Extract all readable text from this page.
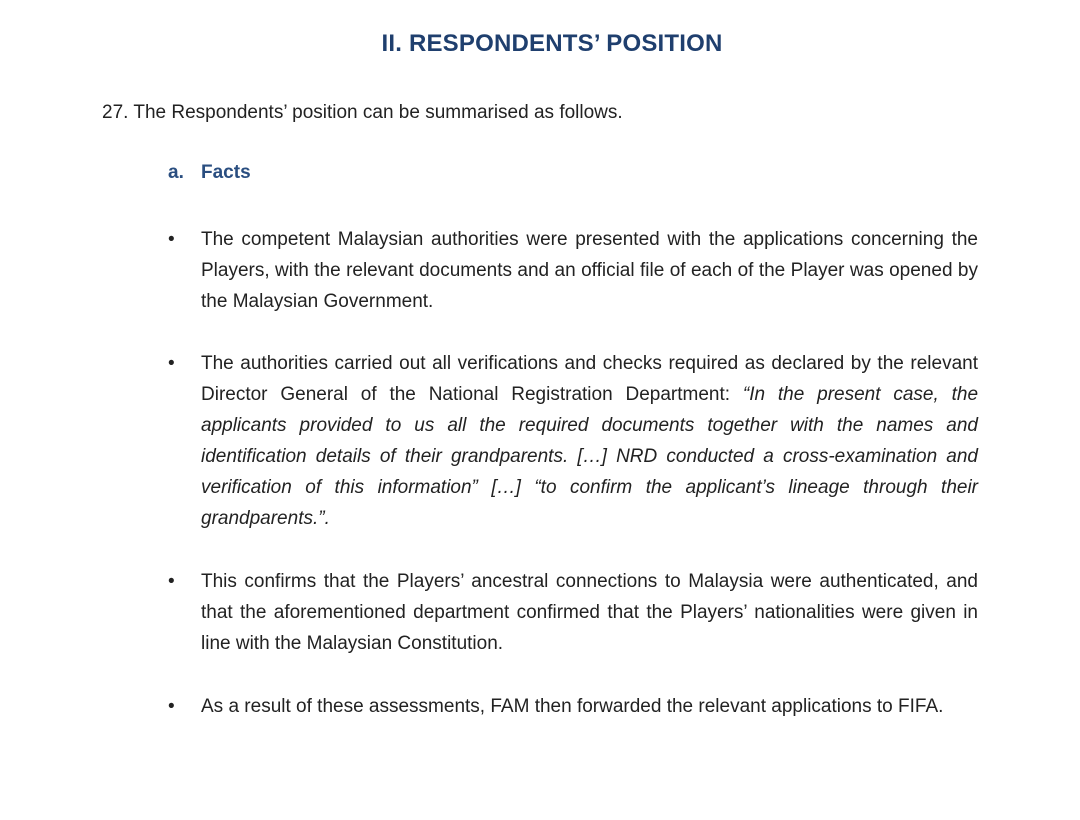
II. RESPONDENTS’ POSITION
27. The Respondents’ position can be summarised as follows.
a. Facts
• The competent Malaysian authorities were presented with the applications concerning the Players, with the relevant documents and an official file of each of the Player was opened by the Malaysian Government.
• The authorities carried out all verifications and checks required as declared by the relevant Director General of the National Registration Department: “In the present case, the applicants provided to us all the required documents together with the names and identification details of their grandparents. […] NRD conducted a cross-examination and verification of this information” […] “to confirm the applicant’s lineage through their grandparents.”.
• This confirms that the Players’ ancestral connections to Malaysia were authenticated, and that the aforementioned department confirmed that the Players’ nationalities were given in line with the Malaysian Constitution.
• As a result of these assessments, FAM then forwarded the relevant applications to FIFA.
